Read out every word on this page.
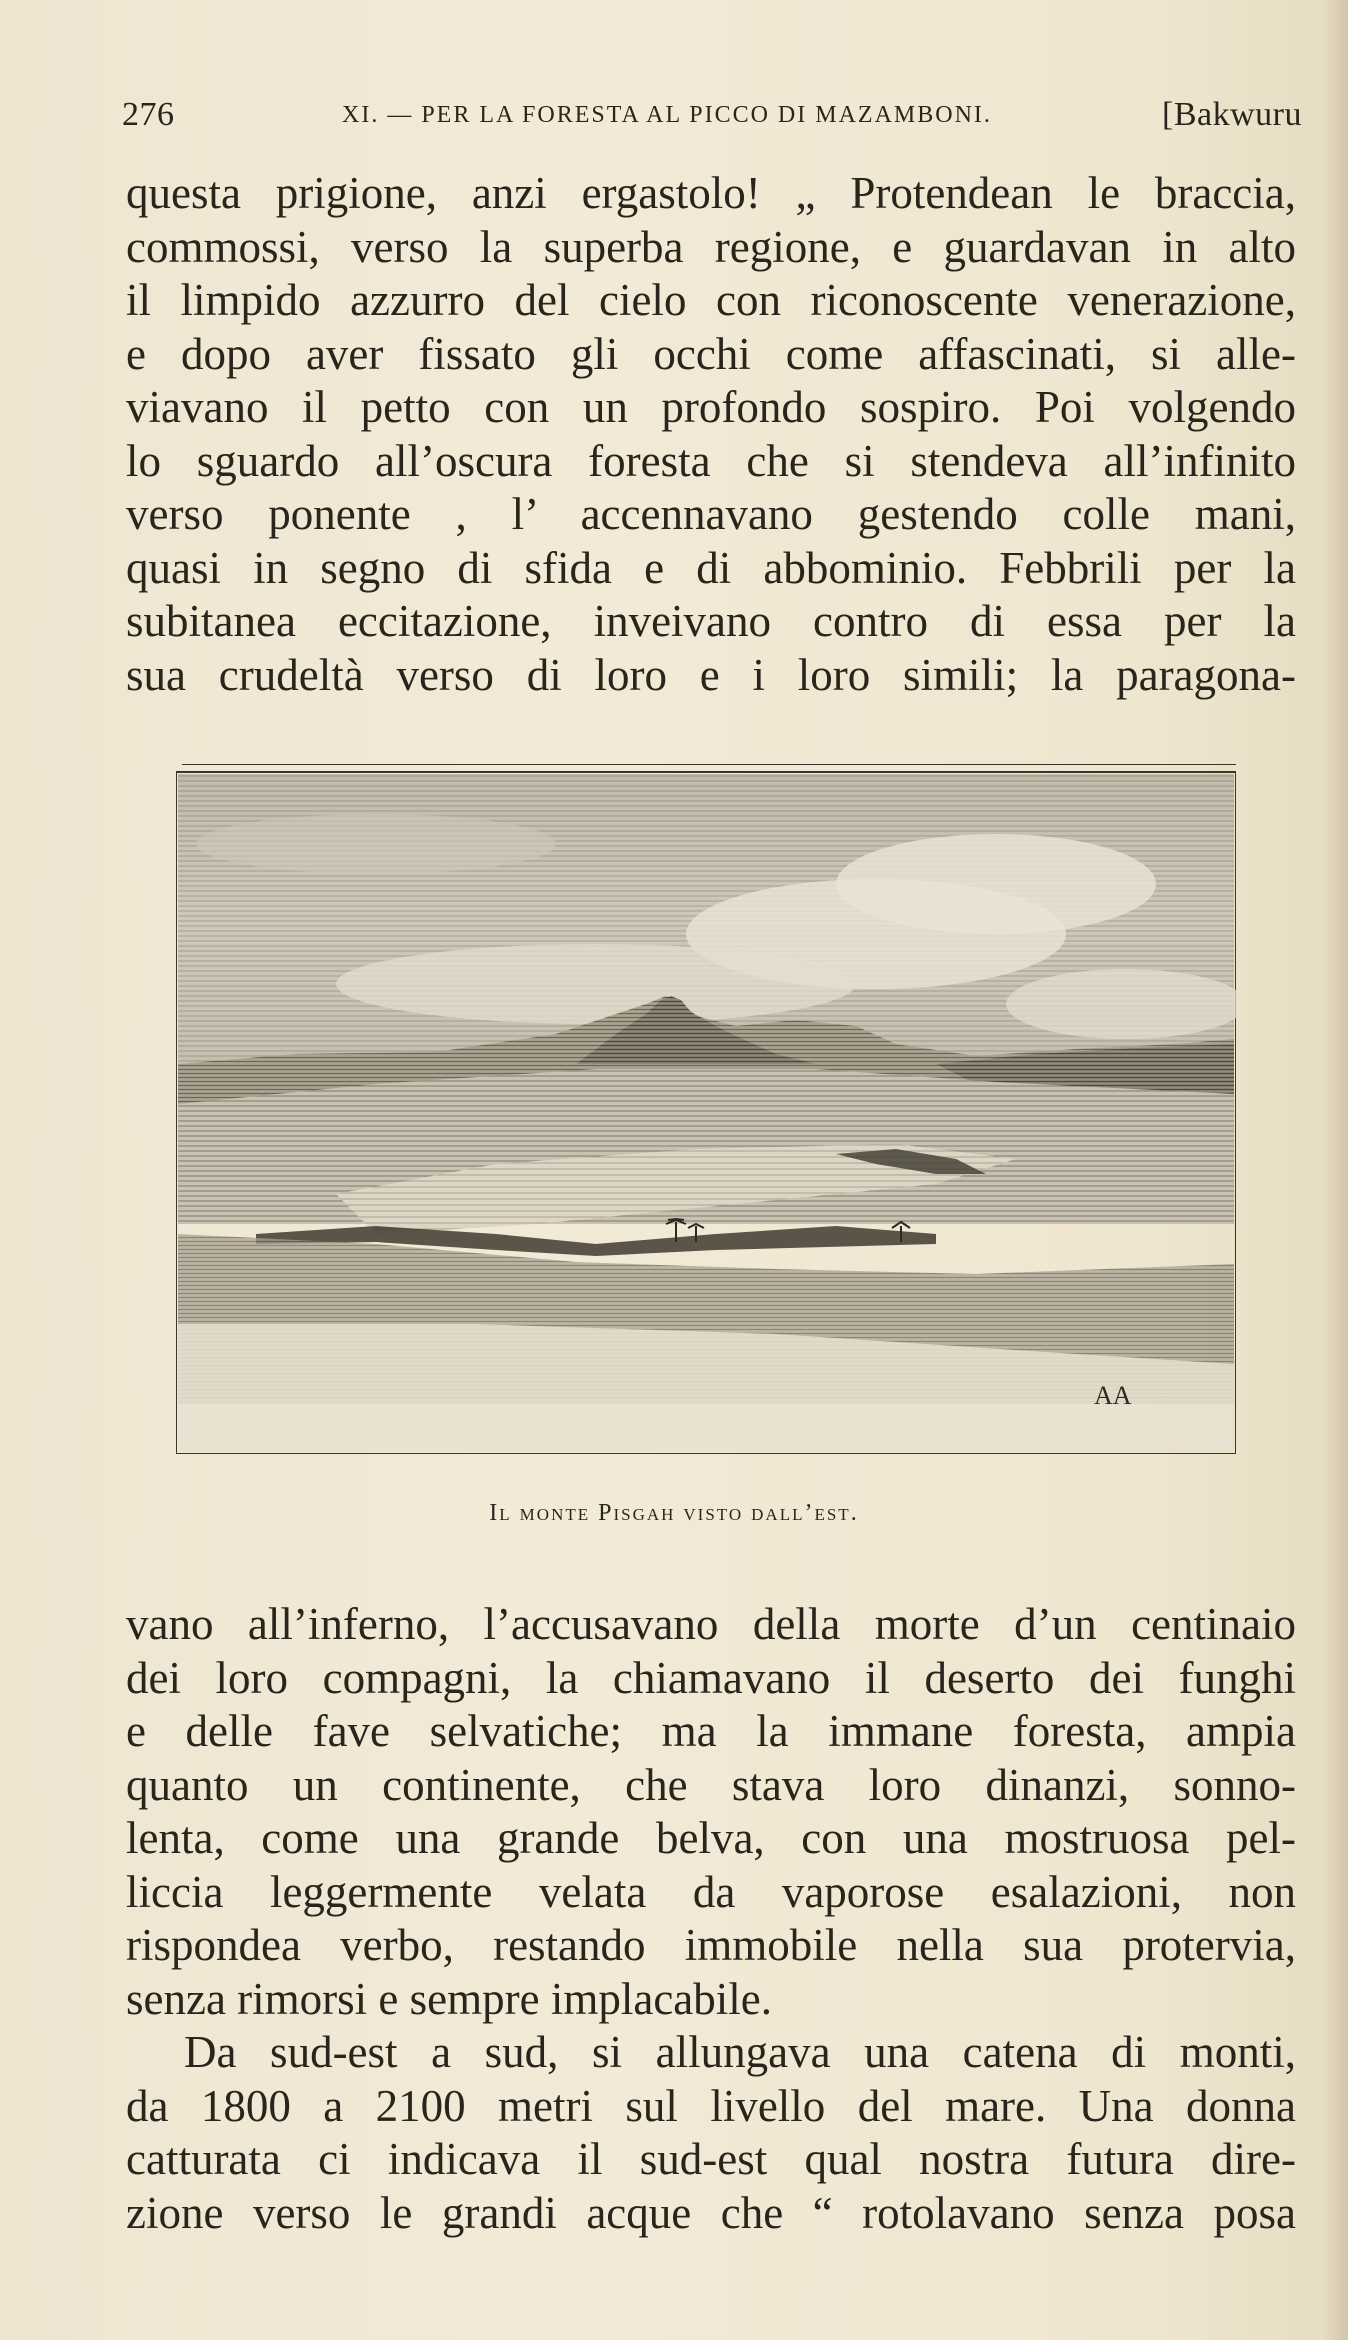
276	XI. — PER LA FORESTA AL PICCO DI MAZAMBONI.	[Bakwuru
questa prigione, anzi ergastolo! „ Protendean le braccia,
commossi, verso la superba regione, e guardavan in alto
il limpido azzurro del cielo con riconoscente venerazione,
e dopo aver fissato gli occhi come affascinati, si alle-
viavano il petto con un profondo sospiro. Poi volgendo
lo sguardo all’oscura foresta che si stendeva all’infinito
verso ponente , l’ accennavano gestendo colle mani,
quasi in segno di sfida e di abbominio. Febbrili per la
subitanea eccitazione, inveivano contro di essa per la
sua crudeltà verso di loro e i loro simili; la paragona-
AA
Il monte Pisgah visto dall’est.
vano all’inferno, l’accusavano della morte d’un centinaio
dei loro compagni, la chiamavano il deserto dei funghi
e delle fave selvatiche; ma la immane foresta, ampia
quanto un continente, che stava loro dinanzi, sonno-
lenta, come una grande belva, con una mostruosa pel-
liccia leggermente velata da vaporose esalazioni, non
rispondea verbo, restando immobile nella sua protervia,
senza rimorsi e sempre implacabile.
Da sud-est a sud, si allungava una catena di monti,
da 1800 a 2100 metri sul livello del mare. Una donna
catturata ci indicava il sud-est qual nostra futura dire-
zione verso le grandi acque che “ rotolavano senza posa
